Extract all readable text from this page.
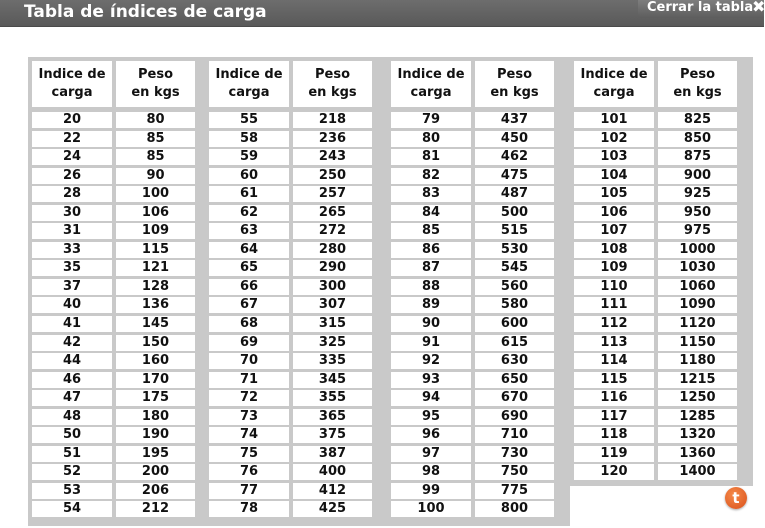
Tabla de índices de carga	Cerrar la tabla
✖
Indice de
carga
Peso
en kgs
20	80
22	85
24	85
26	90
28	100
30	106
31	109
33	115
35	121
37	128
40	136
41	145
42	150
44	160
46	170
47	175
48	180
50	190
51	195
52	200
53	206
54	212
Indice de
carga
Peso
en kgs
55	218
58	236
59	243
60	250
61	257
62	265
63	272
64	280
65	290
66	300
67	307
68	315
69	325
70	335
71	345
72	355
73	365
74	375
75	387
76	400
77	412
78	425
Indice de
carga
Peso
en kgs
79	437
80	450
81	462
82	475
83	487
84	500
85	515
86	530
87	545
88	560
89	580
90	600
91	615
92	630
93	650
94	670
95	690
96	710
97	730
98	750
99	775
100	800
Indice de
carga
Peso
en kgs
101	825
102	850
103	875
104	900
105	925
106	950
107	975
108	1000
109	1030
110	1060
111	1090
112	1120
113	1150
114	1180
115	1215
116	1250
117	1285
118	1320
119	1360
120	1400
t
